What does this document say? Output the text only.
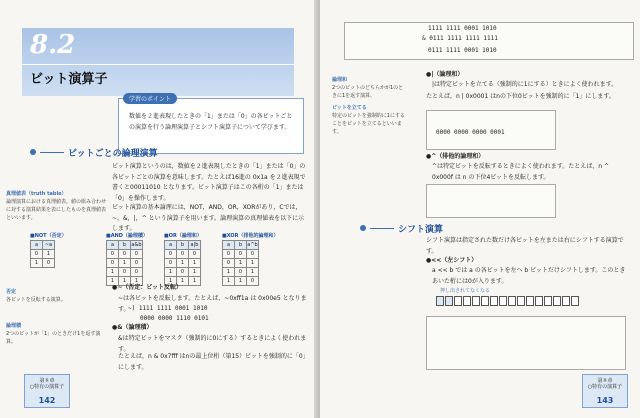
8.2
ビット演算子
学習のポイント
数値を２進表現したときの「1」または「0」の各ビットごとの演算を行う論理演算子とシフト演算子について学びます。
ビットごとの論理演算
ビット演算というのは，数値を２進表現したときの「1」または「0」の各ビットごとの演算を意味します。たとえば16進の 0x1a を２進表現で書くと00011010 となります。ビット演算子はこの各桁の「1」または「0」を操作します。
ビット演算の基本論理には，NOT，AND，OR，XORがあり，Cでは，~，&，|，^ という演算子を用います。論理演算の真理値表を以下に示します。
真理値表（truth table）
論理演算における真理値表。値の組み合わせに対する演算結果を表にしたものを真理値表といいます。
■NOT（否定）
a	~a
0	1
1	0
■AND（論理積）
a	b	a&b
0	0	0
0	1	0
1	0	0
1	1	1
■OR（論理和）
a	b	a|b
0	0	0
0	1	1
1	0	1
1	1	1
■XOR（排他的論理和）
a	b	a^b
0	0	0
0	1	1
1	0	1
1	1	0
否定
各ビットを反転する演算。
●~（否定：ビット反転）
~は各ビットを反転します。たとえば，~0xff1a は 0x00e5 となります。
~) 1111 1111 0001 1010
0000 0000 1110 0101
論理積
2つのビットが「1」のときだけ1を返す演算。
●&（論理積）
&は特定ビットをマスク（強制的に0にする）するときによく使われます。
たとえば，n & 0x7fff はnの最上位桁（第15）ビットを強制的に「0」にします。
第８章
○特有の演算子
142
1111 1111 0001 1010
& 0111 1111 1111 1111
0111 1111 0001 1010
論理和
2つのビットのどちらかが1のときに1を返す演算。
ビットを立てる
特定のビットを強制的に1にすることをビットを立てるといいます。
●|（論理和）
|は特定ビットを立てる（強制的に1にする）ときによく使われます。
たとえば，n | 0x0001 はnの下位0ビットを強制的に「1」にします。
0000 0000 0000 0001
●^（排他的論理和）
^は特定ビットを反転するときによく使われます。たとえば，n ^ 0x000f は n の下位4ビットを反転します。
シフト演算
シフト演算は指定された数だけ各ビットを左または右にシフトする演算です。
●<<（左シフト）
a << b では a の各ビットを左へ b ビットだけシフトします。このときあいた桁には0が入ります。
押し出されてなくなる
第８章
○特有の演算子
143
